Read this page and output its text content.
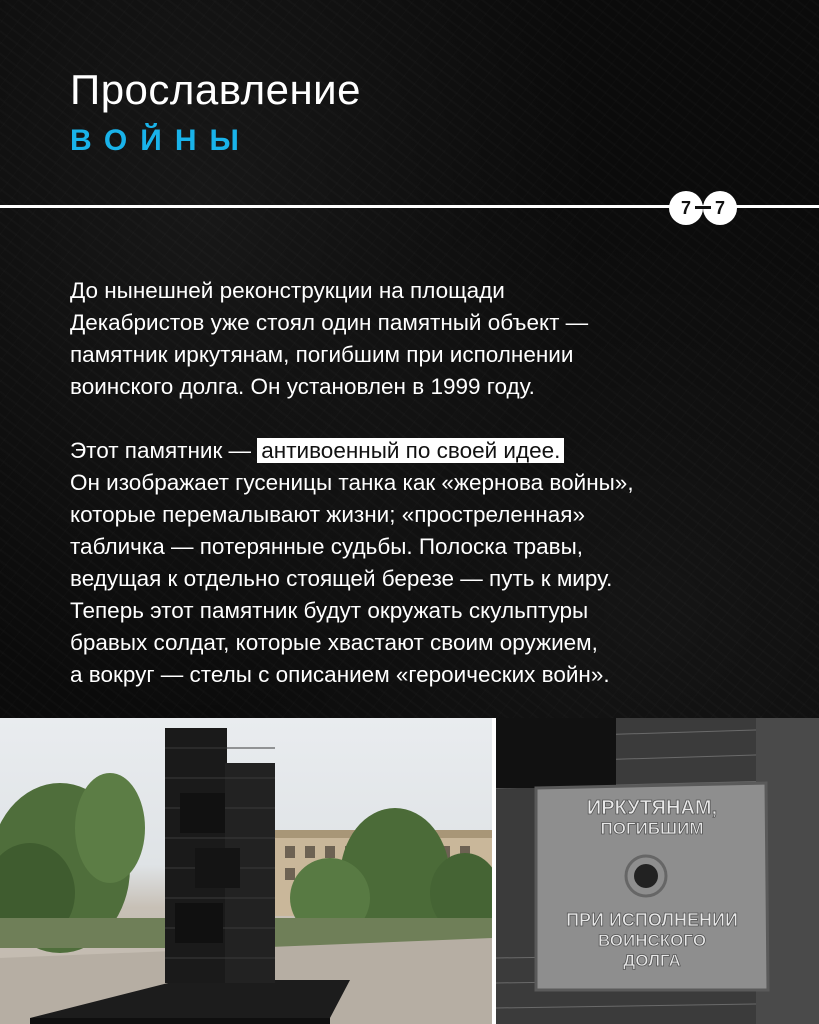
Прославление
ВОЙНЫ
7	7
До нынешней реконструкции на площади
Декабристов уже стоял один памятный объект —
памятник иркутянам, погибшим при исполнении
воинского долга. Он установлен в 1999 году.
Этот памятник — антивоенный по своей идее.
Он изображает гусеницы танка как «жернова войны»,
которые перемалывают жизни; «простреленная»
табличка — потерянные судьбы. Полоска травы,
ведущая к отдельно стоящей березе — путь к миру.
Теперь этот памятник будут окружать скульптуры
бравых солдат, которые хвастают своим оружием,
а вокруг — стелы с описанием «героических войн».
ИРКУТЯНАМ,
ПОГИБШИМ
ПРИ ИСПОЛНЕНИИ
ВОИНСКОГО
ДОЛГА
